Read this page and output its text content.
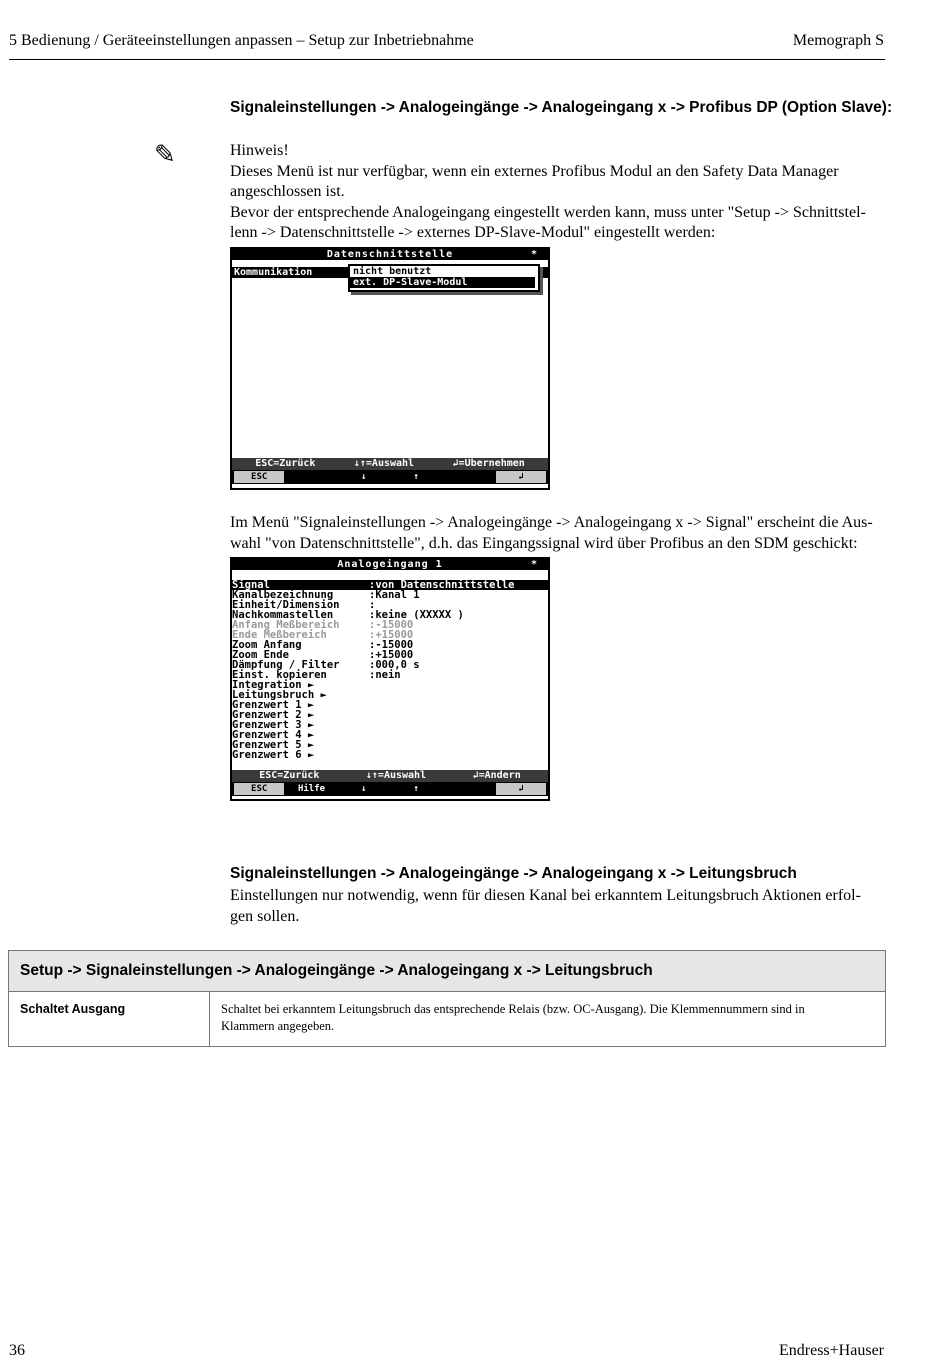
5 Bedienung / Geräteeinstellungen anpassen – Setup zur Inbetriebnahme	Memograph S
Signaleinstellungen -> Analogeingänge -> Analogeingang x -> Profibus DP (Option Slave):
✎	Hinweis!
Dieses Menü ist nur verfügbar, wenn ein externes Profibus Modul an den Safety Data Manager
angeschlossen ist.
Bevor der entsprechende Analogeingang eingestellt werden kann, muss unter "Setup -> Schnittstel-
lenn -> Datenschnittstelle -> externes DP-Slave-Modul" eingestellt werden:
Datenschnittstelle	*
Kommunikation	nicht benutzt
ext. DP-Slave-Modul
ESC=Zurück	↓↑=Auswahl	↲=Übernehmen
ESC	↓	↑	↲
Im Menü "Signaleinstellungen -> Analogeingänge -> Analogeingang x -> Signal" erscheint die Aus-
wahl "von Datenschnittstelle", d.h. das Eingangssignal wird über Profibus an den SDM geschickt:
Analogeingang 1	*
Signal	:von Datenschnittstelle
Kanalbezeichnung	:Kanal 1
Einheit/Dimension	:
Nachkommastellen	:keine (XXXXX )
Anfang Meßbereich	:-15000
Ende Meßbereich	:+15000
Zoom Anfang	:-15000
Zoom Ende	:+15000
Dämpfung / Filter	:000,0 s
Einst. kopieren	:nein
Integration ►
Leitungsbruch ►
Grenzwert 1 ►
Grenzwert 2 ►
Grenzwert 3 ►
Grenzwert 4 ►
Grenzwert 5 ►
Grenzwert 6 ►
ESC=Zurück	↓↑=Auswahl	↲=Ändern
ESC	Hilfe	↓	↑	↲
Signaleinstellungen -> Analogeingänge -> Analogeingang x -> Leitungsbruch
Einstellungen nur notwendig, wenn für diesen Kanal bei erkanntem Leitungsbruch Aktionen erfol-
gen sollen.
Setup -> Signaleinstellungen -> Analogeingänge -> Analogeingang x -> Leitungsbruch
Schaltet Ausgang	Schaltet bei erkanntem Leitungsbruch das entsprechende Relais (bzw. OC-Ausgang). Die Klemmennummern sind in
Klammern angegeben.
36	Endress+Hauser
